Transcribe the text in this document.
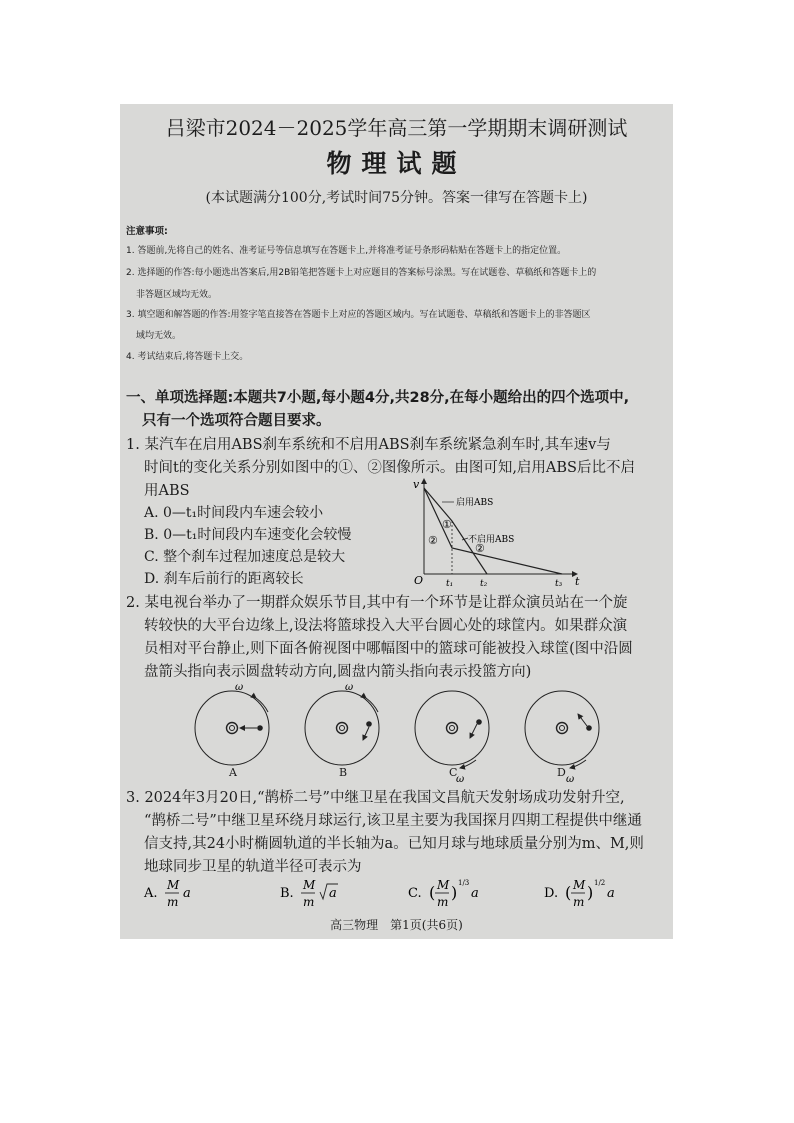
吕梁市2024－2025学年高三第一学期期末调研测试
物理试题
(本试题满分100分,考试时间75分钟。答案一律写在答题卡上)
注意事项:
1. 答题前,先将自己的姓名、准考证号等信息填写在答题卡上,并将准考证号条形码粘贴在答题卡上的指定位置。
2. 选择题的作答:每小题选出答案后,用2B铅笔把答题卡上对应题目的答案标号涂黑。写在试题卷、草稿纸和答题卡上的
非答题区域均无效。
3. 填空题和解答题的作答:用签字笔直接答在答题卡上对应的答题区域内。写在试题卷、草稿纸和答题卡上的非答题区
域均无效。
4. 考试结束后,将答题卡上交。
一、单项选择题:本题共7小题,每小题4分,共28分,在每小题给出的四个选项中,
只有一个选项符合题目要求。
1. 某汽车在启用ABS刹车系统和不启用ABS刹车系统紧急刹车时,其车速v与
时间t的变化关系分别如图中的①、②图像所示。由图可知,启用ABS后比不启
用ABS
A. 0—t₁时间段内车速会较小
B. 0—t₁时间段内车速变化会较慢
C. 整个刹车过程加速度总是较大
D. 刹车后前行的距离较长
v
t
O	t₁	t₂	t₃
启用ABS
不启用ABS
①
②
②
2. 某电视台举办了一期群众娱乐节目,其中有一个环节是让群众演员站在一个旋
转较快的大平台边缘上,设法将篮球投入大平台圆心处的球筐内。如果群众演
员相对平台静止,则下面各俯视图中哪幅图中的篮球可能被投入球筐(图中沿圆
盘箭头指向表示圆盘转动方向,圆盘内箭头指向表示投篮方向)
ω	ω
ω	ω
A	B	C	D
3. 2024年3月20日,“鹊桥二号”中继卫星在我国文昌航天发射场成功发射升空,
“鹊桥二号”中继卫星环绕月球运行,该卫星主要为我国探月四期工程提供中继通
信支持,其24小时椭圆轨道的半长轴为a。已知月球与地球质量分别为m、M,则
地球同步卫星的轨道半径可表示为
A.
M
m
a	B.
M
m
a	C. ( M
m ) 1/3
a	D. ( M
m ) 1/2
a
高三物理　第1页(共6页)
